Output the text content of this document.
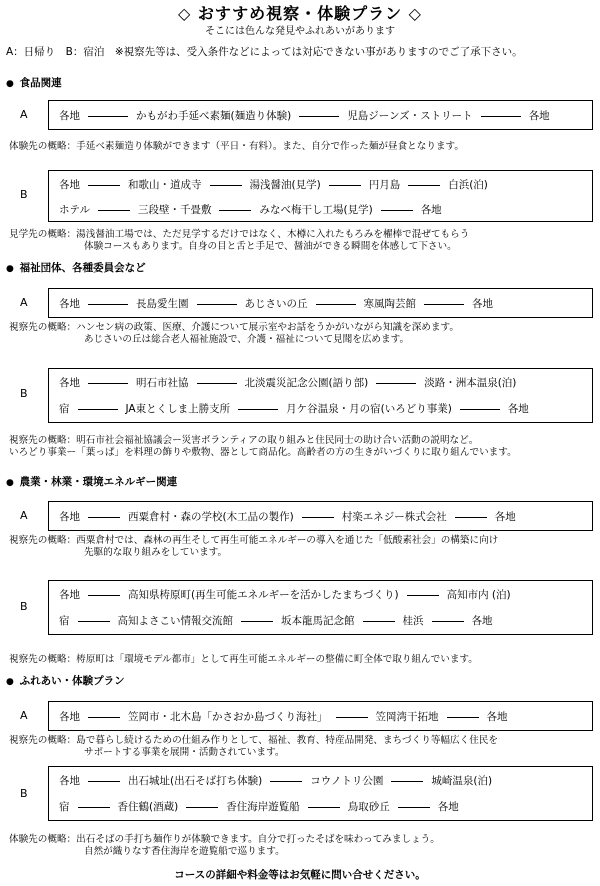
◇ おすすめ視察・体験プラン ◇
そこには色んな発見やふれあいがあります
A：日帰り　B：宿泊　※視察先等は、受入条件などによっては対応できない事がありますのでご了承下さい。
● 食品関連
A	各地	かもがわ手延べ素麺(麺造り体験)	児島ジーンズ・ストリート	各地
体験先の概略：手延べ素麺造り体験ができます（平日・有料）。また、自分で作った麺が昼食となります。
B
各地	和歌山・道成寺	湯浅醤油(見学)	円月島	白浜(泊)
ホテル	三段壁・千畳敷	みなべ梅干し工場(見学)	各地
見学先の概略：湯浅醤油工場では、ただ見学するだけではなく、木樽に入れたもろみを櫂棒で混ぜてもらう
体験コースもあります。自身の目と舌と手足で、醤油ができる瞬間を体感して下さい。
● 福祉団体、各種委員会など
A	各地	長島愛生園	あじさいの丘	寒風陶芸館	各地
視察先の概略：ハンセン病の政策、医療、介護について展示室やお話をうかがいながら知識を深めます。
あじさいの丘は総合老人福祉施設で、介護・福祉について見聞を広めます。
B
各地	明石市社協	北淡震災記念公園(語り部)	淡路・洲本温泉(泊)
宿	JA東とくしま上勝支所	月ケ谷温泉・月の宿(いろどり事業)	各地
視察先の概略：明石市社会福祉協議会ー災害ボランティアの取り組みと住民同士の助け合い活動の説明など。
いろどり事業ー「葉っぱ」を料理の飾りや敷物、器として商品化。高齢者の方の生きがいづくりに取り組んでいます。
● 農業・林業・環境エネルギー関連
A	各地	西粟倉村・森の学校(木工品の製作)	村楽エネジー株式会社	各地
視察先の概略：西粟倉村では、森林の再生そして再生可能エネルギーの導入を通じた「低酸素社会」の構築に向け
先駆的な取り組みをしています。
B
各地	高知県梼原町(再生可能エネルギーを活かしたまちづくり)	高知市内 (泊)
宿	高知よさこい情報交流館	坂本龍馬記念館	桂浜	各地
視察先の概略：梼原町は「環境モデル都市」として再生可能エネルギーの整備に町全体で取り組んでいます。
● ふれあい・体験プラン
A	各地	笠岡市・北木島「かさおか島づくり海社」	笠岡湾干拓地	各地
視察先の概略：島で暮らし続けるための仕組み作りとして、福祉、教育、特産品開発、まちづくり等幅広く住民を
サポートする事業を展開・活動されています。
B
各地	出石城址(出石そば打ち体験)	コウノトリ公園	城崎温泉(泊)
宿	香住鶴(酒蔵)	香住海岸遊覧船	鳥取砂丘	各地
体験先の概略：出石そばの手打ち麺作りが体験できます。自分で打ったそばを味わってみましょう。
自然が織りなす香住海岸を遊覧船で巡ります。
コースの詳細や料金等はお気軽に問い合せください。
